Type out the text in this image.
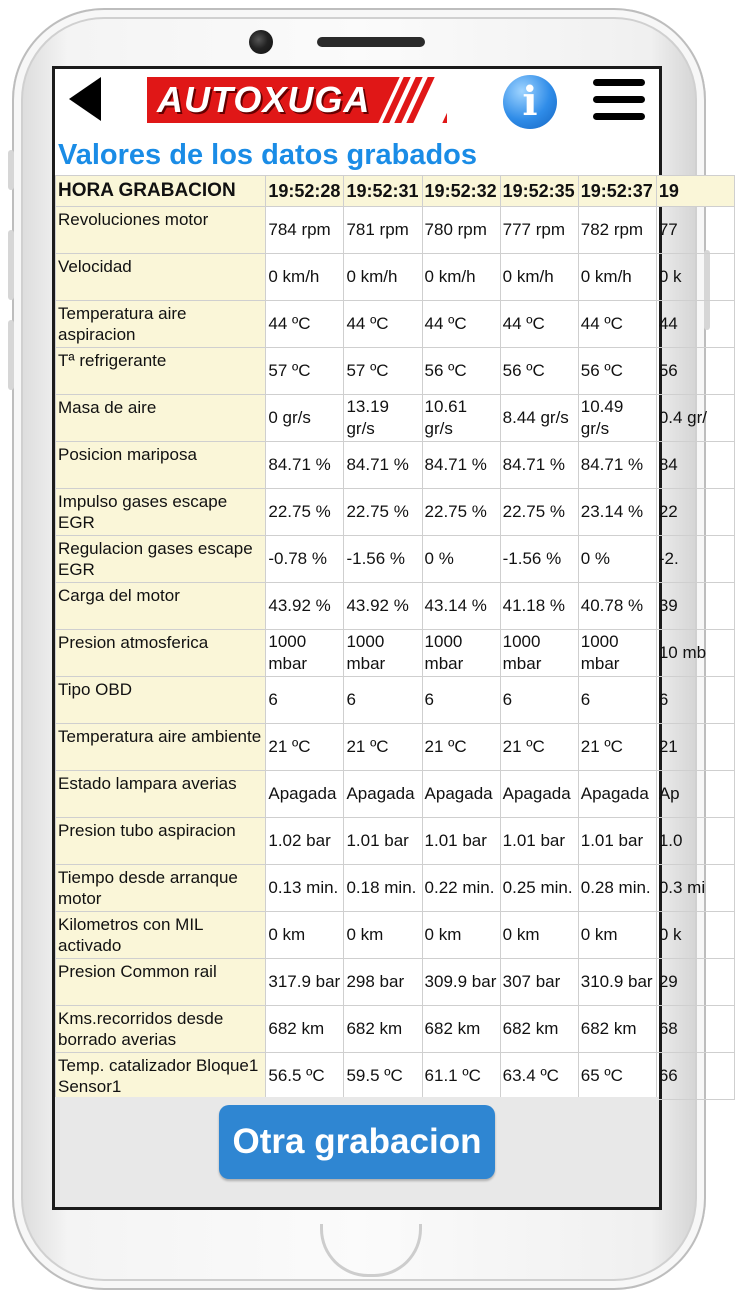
AUTOXUGA	i
Valores de los datos grabados
HORA GRABACION	19:52:28	19:52:31	19:52:32	19:52:35	19:52:37	19
Revoluciones motor	784 rpm	781 rpm	780 rpm	777 rpm	782 rpm	77
Velocidad	0 km/h	0 km/h	0 km/h	0 km/h	0 km/h	0 k
Temperatura aire aspiracion	44 ºC	44 ºC	44 ºC	44 ºC	44 ºC	44
Tª refrigerante	57 ºC	57 ºC	56 ºC	56 ºC	56 ºC	56
Masa de aire	0 gr/s	13.19 gr/s	10.61 gr/s	8.44 gr/s	10.49 gr/s	0.4 gr/
Posicion mariposa	84.71 %	84.71 %	84.71 %	84.71 %	84.71 %	84
Impulso gases escape EGR	22.75 %	22.75 %	22.75 %	22.75 %	23.14 %	22
Regulacion gases escape EGR	-0.78 %	-1.56 %	0 %	-1.56 %	0 %	-2.
Carga del motor	43.92 %	43.92 %	43.14 %	41.18 %	40.78 %	39
Presion atmosferica	1000 mbar	1000 mbar	1000 mbar	1000 mbar	1000 mbar	10 mb
Tipo OBD	6	6	6	6	6	6
Temperatura aire ambiente	21 ºC	21 ºC	21 ºC	21 ºC	21 ºC	21
Estado lampara averias	Apagada	Apagada	Apagada	Apagada	Apagada	Ap
Presion tubo aspiracion	1.02 bar	1.01 bar	1.01 bar	1.01 bar	1.01 bar	1.0
Tiempo desde arranque motor	0.13 min.	0.18 min.	0.22 min.	0.25 min.	0.28 min.	0.3 mi
Kilometros con MIL activado	0 km	0 km	0 km	0 km	0 km	0 k
Presion Common rail	317.9 bar	298 bar	309.9 bar	307 bar	310.9 bar	29
Kms.recorridos desde borrado averias	682 km	682 km	682 km	682 km	682 km	68
Temp. catalizador Bloque1 Sensor1	56.5 ºC	59.5 ºC	61.1 ºC	63.4 ºC	65 ºC	66
Otra grabacion
